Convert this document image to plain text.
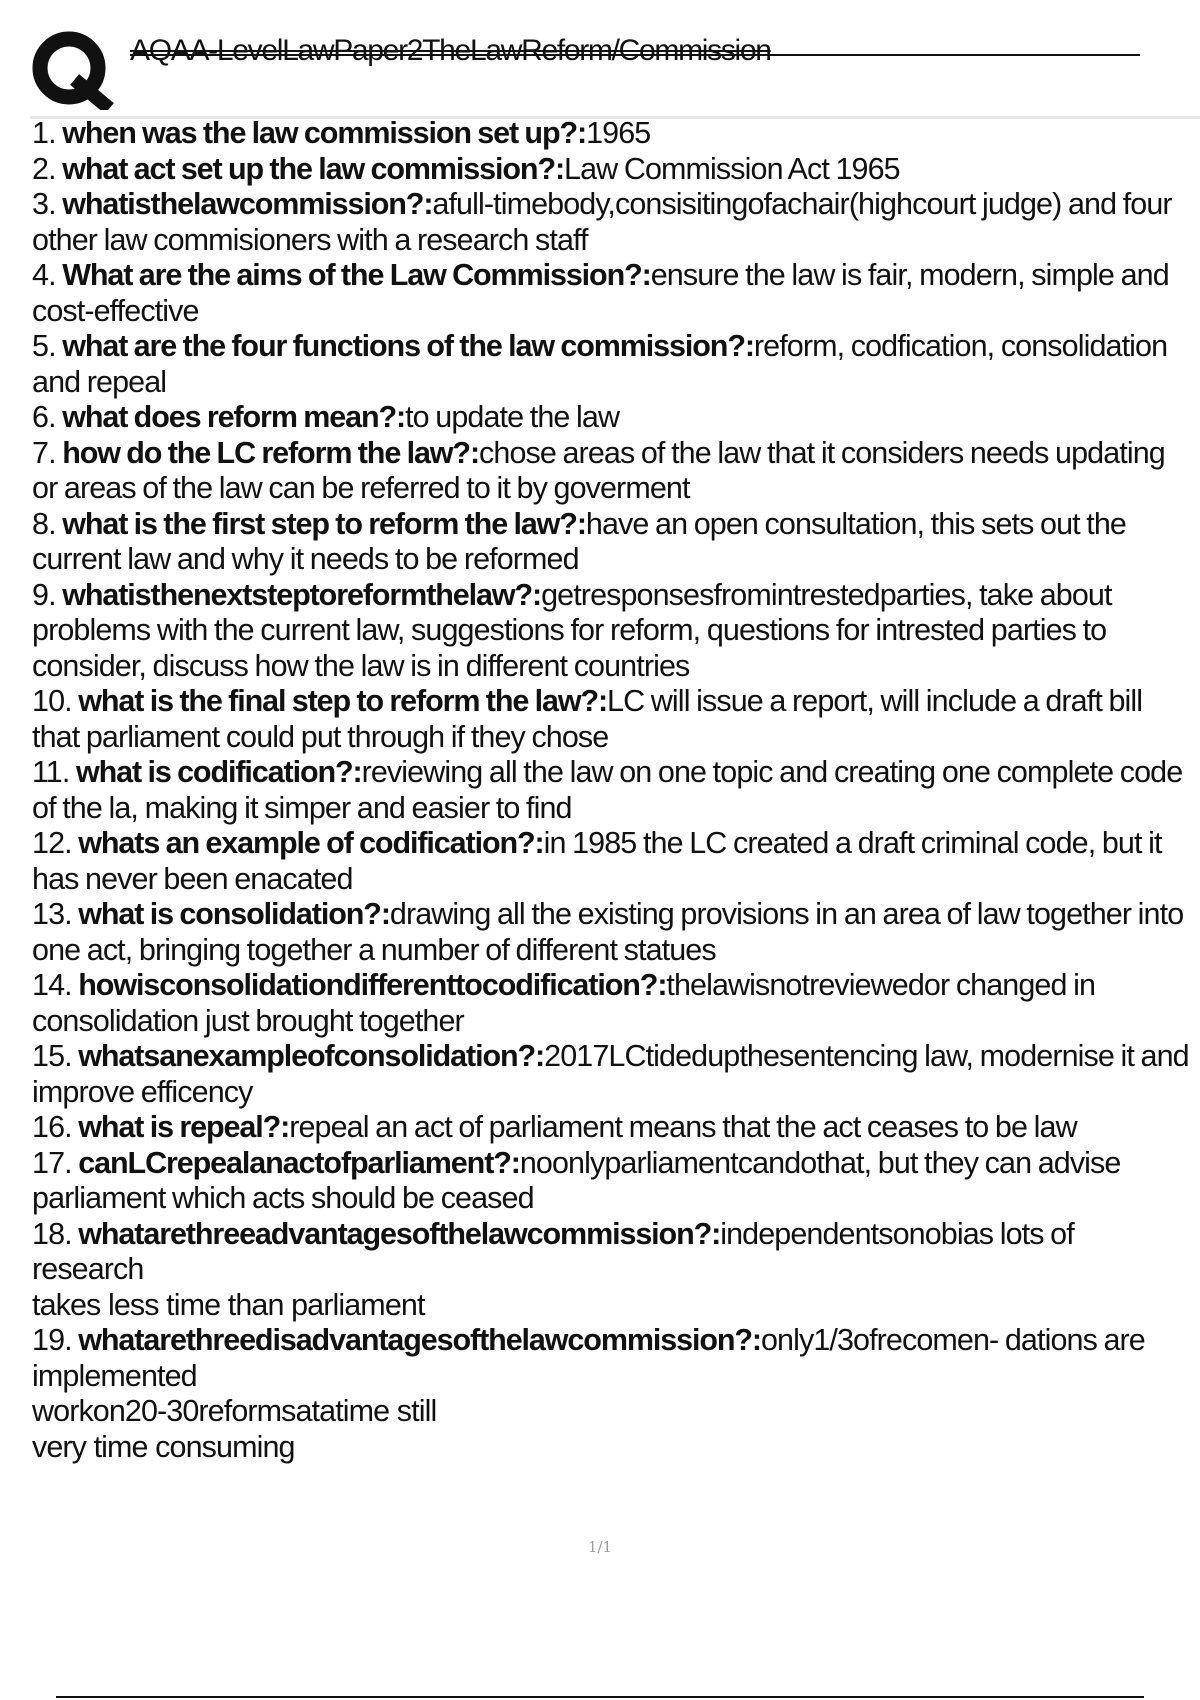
AQAA-LevelLawPaper2TheLawReform/Commission

1. when was the law commission set up?:1965

2. what act set up the law commission?:Law Commission Act 1965

3. whatisthelawcommission?:afull-timebody,consisitingofachair(highcourt judge) and four other law commisioners with a research staff

4. What are the aims of the Law Commission?:ensure the law is fair, modern, simple and cost-effective

5. what are the four functions of the law commission?:reform, codfication, consolidation and repeal

6. what does reform mean?:to update the law

7. how do the LC reform the law?:chose areas of the law that it considers needs updating or areas of the law can be referred to it by goverment

8. what is the first step to reform the law?:have an open consultation, this sets out the current law and why it needs to be reformed

9. whatisthenextsteptoreformthelaw?:getresponsesfromintrestedparties, take about problems with the current law, suggestions for reform, questions for intrested parties to consider, discuss how the law is in different countries

10. what is the final step to reform the law?:LC will issue a report, will include a draft bill that parliament could put through if they chose

11. what is codification?:reviewing all the law on one topic and creating one complete code of the la, making it simper and easier to find

12. whats an example of codification?:in 1985 the LC created a draft criminal code, but it has never been enacated

13. what is consolidation?:drawing all the existing provisions in an area of law together into one act, bringing together a number of different statues

14. howisconsolidationdifferenttocodification?:thelawisnotreviewedor changed in consolidation just brought together

15. whatsanexampleofconsolidation?:2017LCtidedupthesentencing law, modernise it and improve efficency

16. what is repeal?:repeal an act of parliament means that the act ceases to be law

17. canLCrepealanactofparliament?:noonlyparliamentcandothat, but they can advise parliament which acts should be ceased

18. whatarethreeadvantagesofthelawcommission?:independentsonobias lots of research

takes less time than parliament

19. whatarethreedisadvantagesofthelawcommission?:only1/3ofrecomen- dations are implemented

workon20-30reformsatatime still

very time consuming

1/1
